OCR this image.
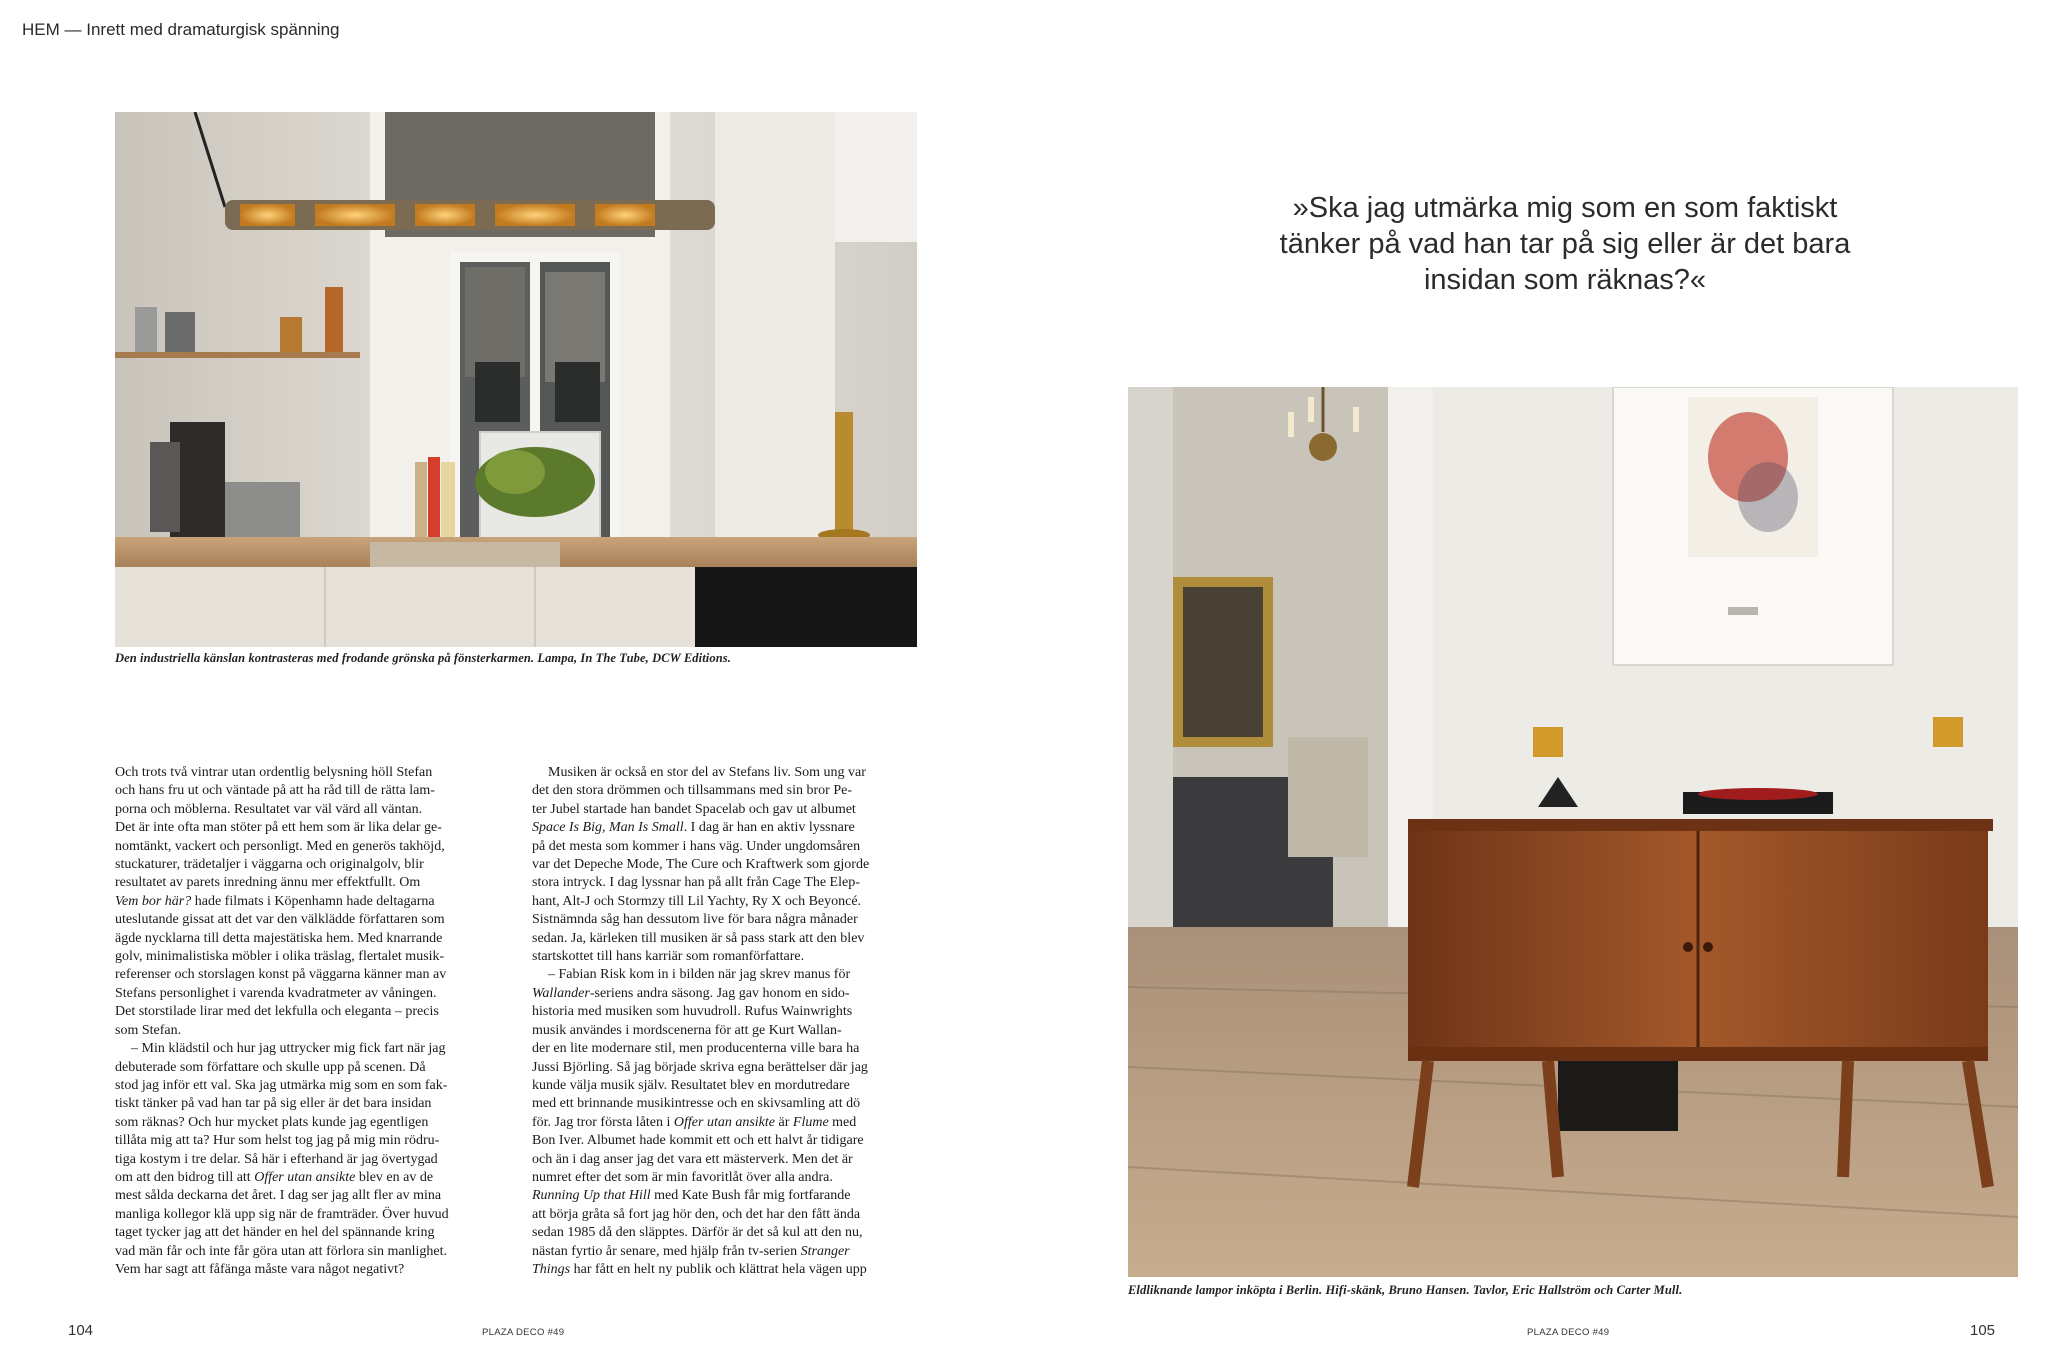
HEM — Inrett med dramaturgisk spänning
Den industriella känslan kontrasteras med frodande grönska på fönsterkarmen. Lampa, In The Tube, DCW Editions.
»Ska jag utmärka mig som en som faktiskt
tänker på vad han tar på sig eller är det bara
insidan som räknas?«
Eldliknande lampor inköpta i Berlin. Hifi-skänk, Bruno Hansen. Tavlor, Eric Hallström och Carter Mull.

Och trots två vintrar utan ordentlig belysning höll Stefan

och hans fru ut och väntade på att ha råd till de rätta lam-

porna och möblerna. Resultatet var väl värd all väntan.

Det är inte ofta man stöter på ett hem som är lika delar ge-

nomtänkt, vackert och personligt. Med en generös takhöjd,

stuckaturer, trädetaljer i väggarna och originalgolv, blir

resultatet av parets inredning ännu mer effektfullt. Om

Vem bor här? hade filmats i Köpenhamn hade deltagarna

uteslutande gissat att det var den välklädde författaren som

ägde nycklarna till detta majestätiska hem. Med knarrande

golv, minimalistiska möbler i olika träslag, flertalet musik-

referenser och storslagen konst på väggarna känner man av

Stefans personlighet i varenda kvadratmeter av våningen.

Det storstilade lirar med det lekfulla och eleganta – precis

som Stefan.

– Min klädstil och hur jag uttrycker mig fick fart när jag

debuterade som författare och skulle upp på scenen. Då

stod jag inför ett val. Ska jag utmärka mig som en som fak-

tiskt tänker på vad han tar på sig eller är det bara insidan

som räknas? Och hur mycket plats kunde jag egentligen

tillåta mig att ta? Hur som helst tog jag på mig min rödru-

tiga kostym i tre delar. Så här i efterhand är jag övertygad

om att den bidrog till att Offer utan ansikte blev en av de

mest sålda deckarna det året. I dag ser jag allt fler av mina

manliga kollegor klä upp sig när de framträder. Över huvud

taget tycker jag att det händer en hel del spännande kring

vad män får och inte får göra utan att förlora sin manlighet.

Vem har sagt att fåfänga måste vara något negativt?

Musiken är också en stor del av Stefans liv. Som ung var

det den stora drömmen och tillsammans med sin bror Pe-

ter Jubel startade han bandet Spacelab och gav ut albumet

Space Is Big, Man Is Small. I dag är han en aktiv lyssnare

på det mesta som kommer i hans väg. Under ungdomsåren

var det Depeche Mode, The Cure och Kraftwerk som gjorde

stora intryck. I dag lyssnar han på allt från Cage The Elep-

hant, Alt-J och Stormzy till Lil Yachty, Ry X och Beyoncé.

Sistnämnda såg han dessutom live för bara några månader

sedan. Ja, kärleken till musiken är så pass stark att den blev

startskottet till hans karriär som romanförfattare.

– Fabian Risk kom in i bilden när jag skrev manus för

Wallander-seriens andra säsong. Jag gav honom en sido-

historia med musiken som huvudroll. Rufus Wainwrights

musik användes i mordscenerna för att ge Kurt Wallan-

der en lite modernare stil, men producenterna ville bara ha

Jussi Björling. Så jag började skriva egna berättelser där jag

kunde välja musik själv. Resultatet blev en mordutredare

med ett brinnande musikintresse och en skivsamling att dö

för. Jag tror första låten i Offer utan ansikte är Flume med

Bon Iver. Albumet hade kommit ett och ett halvt år tidigare

och än i dag anser jag det vara ett mästerverk. Men det är

numret efter det som är min favoritlåt över alla andra.

Running Up that Hill med Kate Bush får mig fortfarande

att börja gråta så fort jag hör den, och det har den fått ända

sedan 1985 då den släpptes. Därför är det så kul att den nu,

nästan fyrtio år senare, med hjälp från tv-serien Stranger

Things har fått en helt ny publik och klättrat hela vägen upp

104	PLAZA DECO #49	PLAZA DECO #49	105
